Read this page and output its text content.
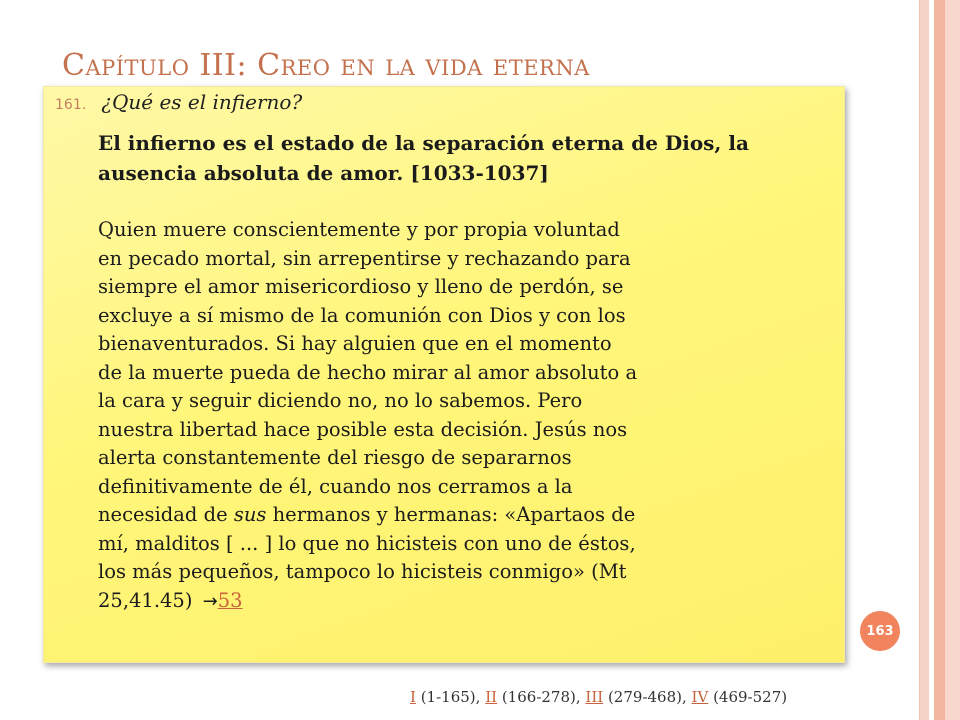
Capítulo III: Creo en la vida eterna
161. ¿Qué es el infierno?
El infierno es el estado de la separación eterna de Dios, la ausencia absoluta de amor. [1033-1037]
Quien muere conscientemente y por propia voluntad
en pecado mortal, sin arrepentirse y rechazando para
siempre el amor misericordioso y lleno de perdón, se
excluye a sí mismo de la comunión con Dios y con los
bienaventurados. Si hay alguien que en el momento
de la muerte pueda de hecho mirar al amor absoluto a
la cara y seguir diciendo no, no lo sabemos. Pero
nuestra libertad hace posible esta decisión. Jesús nos
alerta constantemente del riesgo de separarnos
definitivamente de él, cuando nos cerramos a la
necesidad de sus hermanos y hermanas: «Apartaos de
mí, malditos [ ... ] lo que no hicisteis con uno de éstos,
los más pequeños, tampoco lo hicisteis conmigo» (Mt
25,41.45) →53
163
I (1-165), II (166-278), III (279-468), IV (469-527)
